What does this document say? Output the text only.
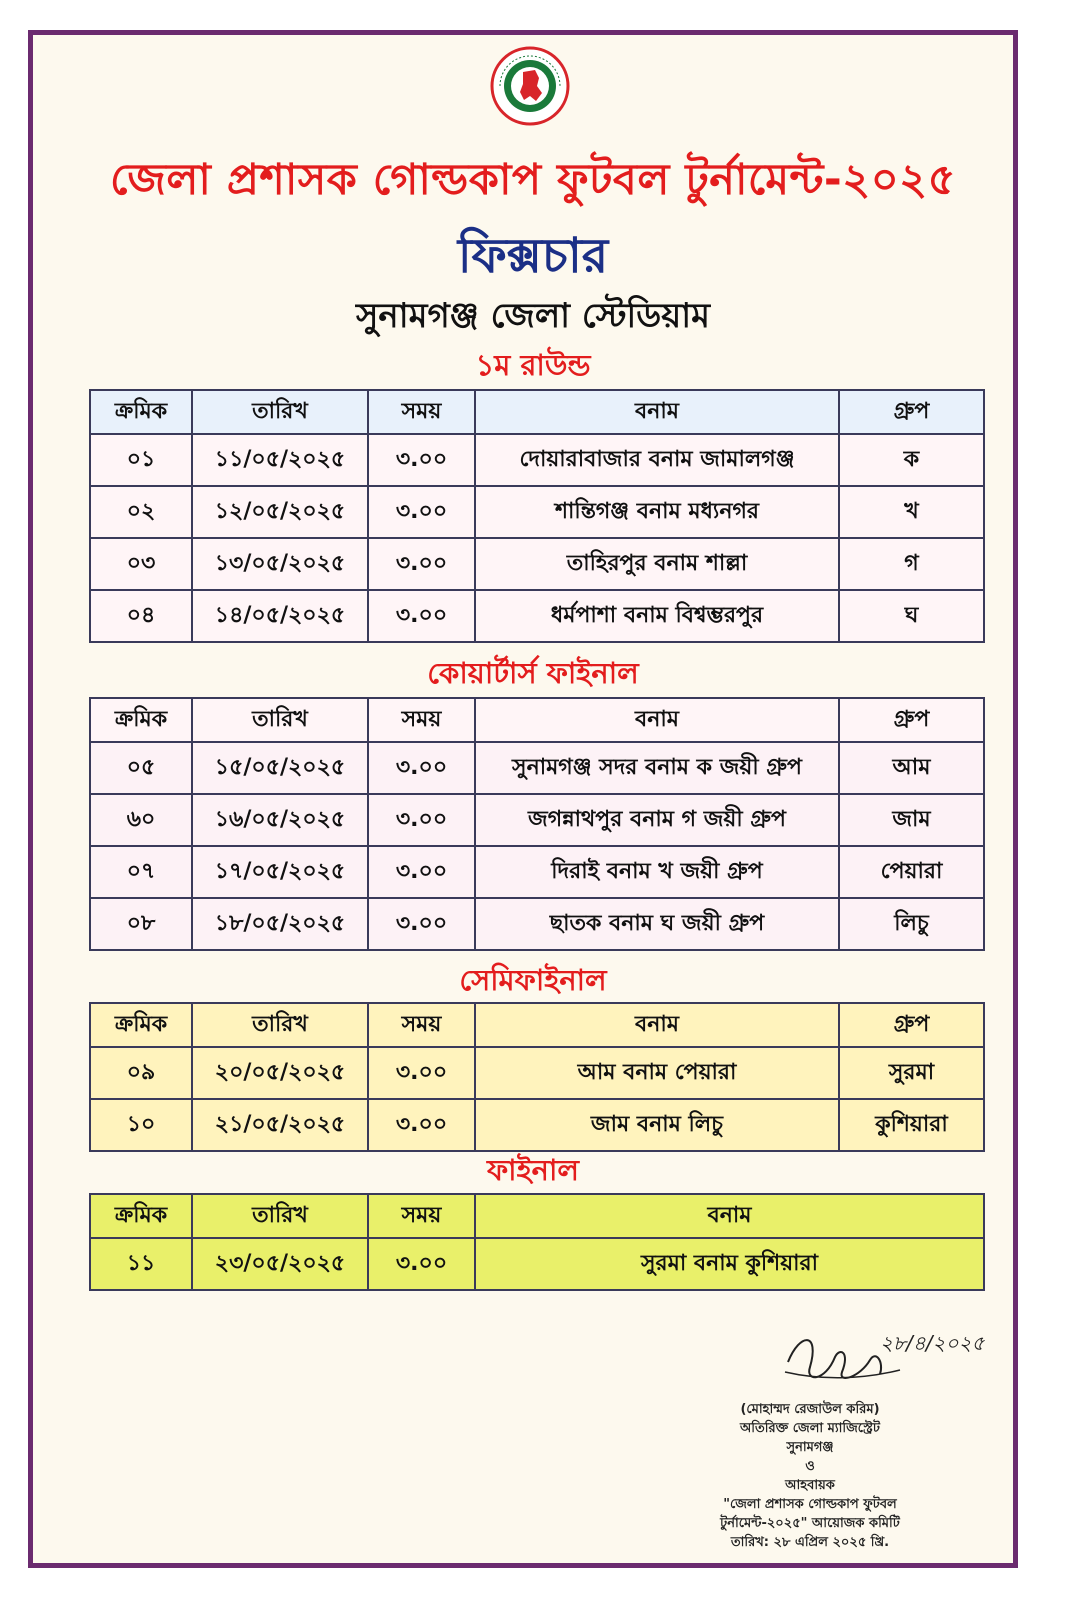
জেলা প্রশাসক গোল্ডকাপ ফুটবল টুর্নামেন্ট-২০২৫
ফিক্সচার
সুনামগঞ্জ জেলা স্টেডিয়াম
১ম রাউন্ড
ক্রমিক	তারিখ	সময়	বনাম	গ্রুপ
০১	১১/০৫/২০২৫	৩.০০	দোয়ারাবাজার বনাম জামালগঞ্জ	ক
০২	১২/০৫/২০২৫	৩.০০	শান্তিগঞ্জ বনাম মধ্যনগর	খ
০৩	১৩/০৫/২০২৫	৩.০০	তাহিরপুর বনাম শাল্লা	গ
০৪	১৪/০৫/২০২৫	৩.০০	ধর্মপাশা বনাম বিশ্বম্ভরপুর	ঘ
কোয়ার্টার্স ফাইনাল
ক্রমিক	তারিখ	সময়	বনাম	গ্রুপ
০৫	১৫/০৫/২০২৫	৩.০০	সুনামগঞ্জ সদর বনাম ক জয়ী গ্রুপ	আম
৬০	১৬/০৫/২০২৫	৩.০০	জগন্নাথপুর বনাম গ জয়ী গ্রুপ	জাম
০৭	১৭/০৫/২০২৫	৩.০০	দিরাই বনাম খ জয়ী গ্রুপ	পেয়ারা
০৮	১৮/০৫/২০২৫	৩.০০	ছাতক বনাম ঘ জয়ী গ্রুপ	লিচু
সেমিফাইনাল
ক্রমিক	তারিখ	সময়	বনাম	গ্রুপ
০৯	২০/০৫/২০২৫	৩.০০	আম বনাম পেয়ারা	সুরমা
১০	২১/০৫/২০২৫	৩.০০	জাম বনাম লিচু	কুশিয়ারা
ফাইনাল
ক্রমিক	তারিখ	সময়	বনাম
১১	২৩/০৫/২০২৫	৩.০০	সুরমা বনাম কুশিয়ারা
২৮/৪/২০২৫
(মোহাম্মদ রেজাউল করিম)
অতিরিক্ত জেলা ম্যাজিস্ট্রেট
সুনামগঞ্জ
ও
আহবায়ক
"জেলা প্রশাসক গোল্ডকাপ ফুটবল
টুর্নামেন্ট-২০২৫" আয়োজক কমিটি
তারিখ: ২৮ এপ্রিল ২০২৫ খ্রি.
